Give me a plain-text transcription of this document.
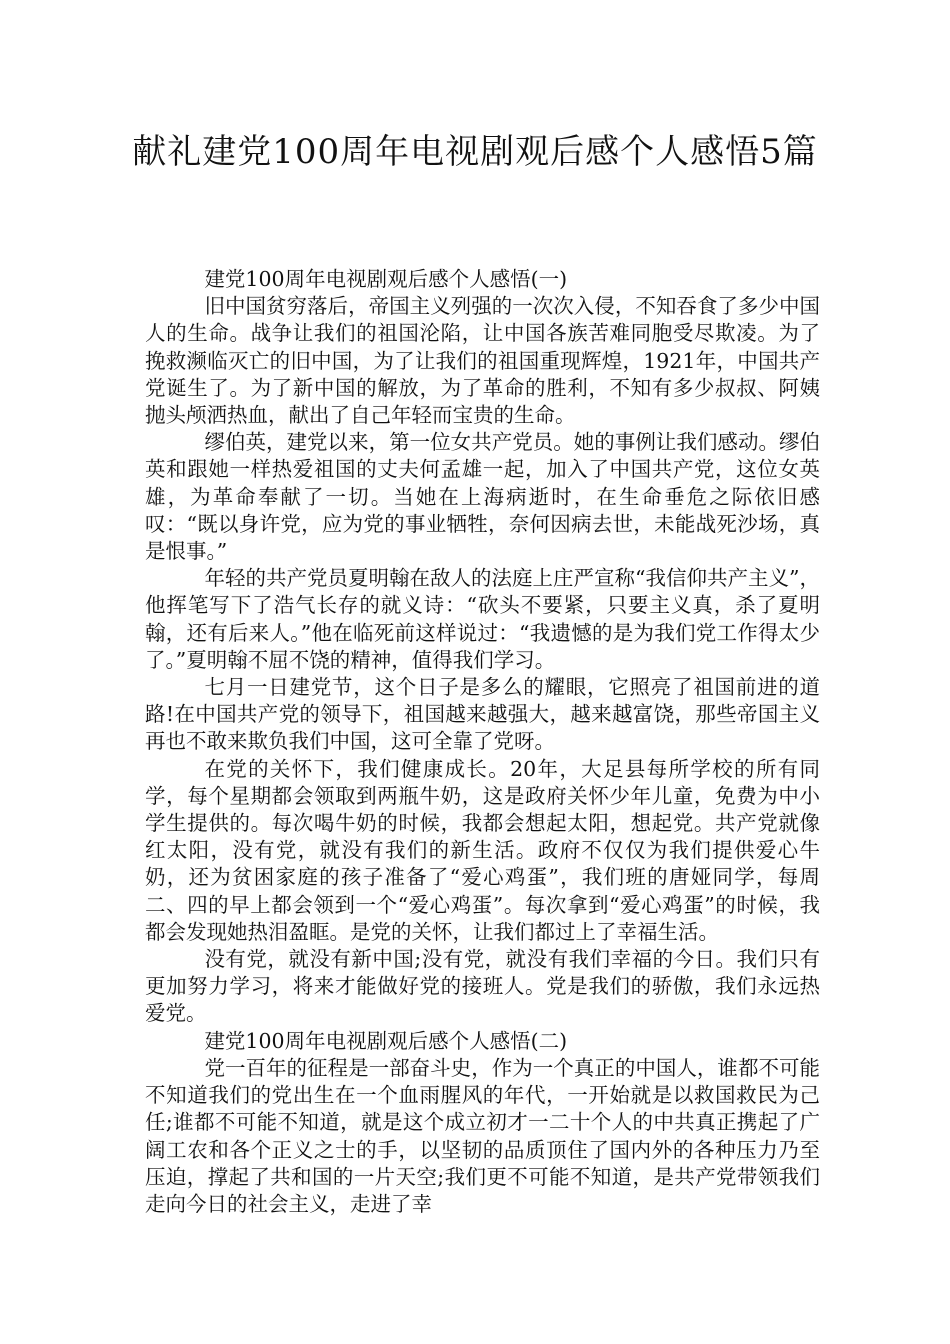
献礼建党100周年电视剧观后感个人感悟5篇

建党100周年电视剧观后感个人感悟(一)

旧中国贫穷落后，帝国主义列强的一次次入侵，不知吞食了多少中国人的生命。战争让我们的祖国沦陷，让中国各族苦难同胞受尽欺凌。为了挽救濒临灭亡的旧中国，为了让我们的祖国重现辉煌，1921年，中国共产党诞生了。为了新中国的解放，为了革命的胜利，不知有多少叔叔、阿姨抛头颅洒热血，献出了自己年轻而宝贵的生命。

缪伯英，建党以来，第一位女共产党员。她的事例让我们感动。缪伯英和跟她一样热爱祖国的丈夫何孟雄一起，加入了中国共产党，这位女英雄，为革命奉献了一切。当她在上海病逝时，在生命垂危之际依旧感叹：“既以身许党，应为党的事业牺牲，奈何因病去世，未能战死沙场，真是恨事。”

年轻的共产党员夏明翰在敌人的法庭上庄严宣称“我信仰共产主义”，他挥笔写下了浩气长存的就义诗：“砍头不要紧，只要主义真，杀了夏明翰，还有后来人。”他在临死前这样说过：“我遗憾的是为我们党工作得太少了。”夏明翰不屈不饶的精神，值得我们学习。

七月一日建党节，这个日子是多么的耀眼，它照亮了祖国前进的道路!在中国共产党的领导下，祖国越来越强大，越来越富饶，那些帝国主义再也不敢来欺负我们中国，这可全靠了党呀。

在党的关怀下，我们健康成长。20年，大足县每所学校的所有同学，每个星期都会领取到两瓶牛奶，这是政府关怀少年儿童，免费为中小学生提供的。每次喝牛奶的时候，我都会想起太阳，想起党。共产党就像红太阳，没有党，就没有我们的新生活。政府不仅仅为我们提供爱心牛奶，还为贫困家庭的孩子准备了“爱心鸡蛋”，我们班的唐娅同学，每周二、四的早上都会领到一个“爱心鸡蛋”。每次拿到“爱心鸡蛋”的时候，我都会发现她热泪盈眶。是党的关怀，让我们都过上了幸福生活。

没有党，就没有新中国;没有党，就没有我们幸福的今日。我们只有更加努力学习，将来才能做好党的接班人。党是我们的骄傲，我们永远热爱党。

建党100周年电视剧观后感个人感悟(二)

党一百年的征程是一部奋斗史，作为一个真正的中国人，谁都不可能不知道我们的党出生在一个血雨腥风的年代，一开始就是以救国救民为己任;谁都不可能不知道，就是这个成立初才一二十个人的中共真正携起了广阔工农和各个正义之士的手，以坚韧的品质顶住了国内外的各种压力乃至压迫，撑起了共和国的一片天空;我们更不可能不知道，是共产党带领我们走向今日的社会主义，走进了幸
